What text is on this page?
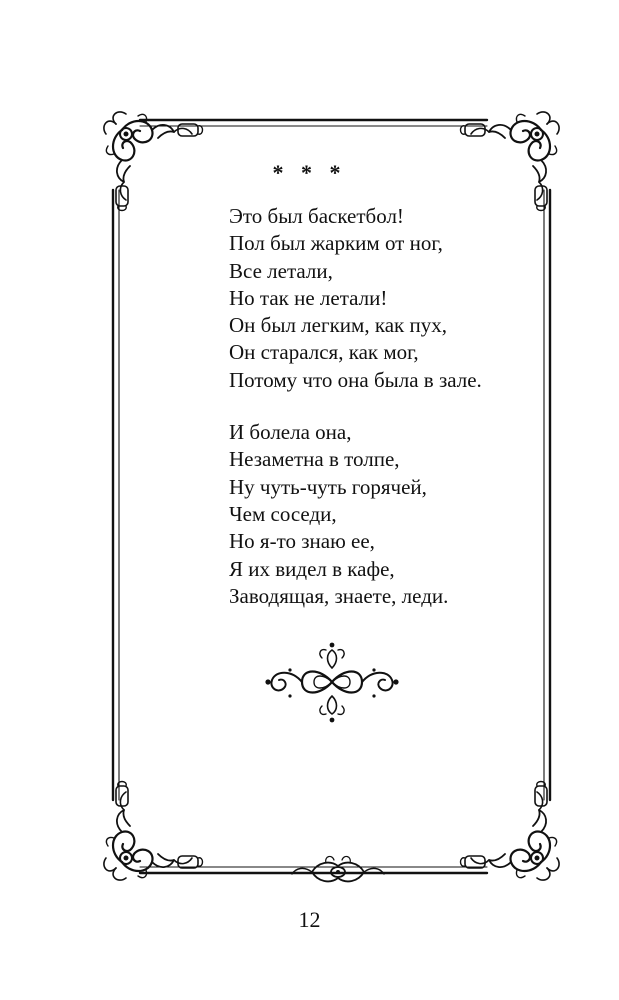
* * *
Это был баскетбол!
Пол был жарким от ног,
Все летали,
Но так не летали!
Он был легким, как пух,
Он старался, как мог,
Потому что она была в зале.
И болела она,
Незаметна в толпе,
Ну чуть-чуть горячей,
Чем соседи,
Но я-то знаю ее,
Я их видел в кафе,
Заводящая, знаете, леди.
12
